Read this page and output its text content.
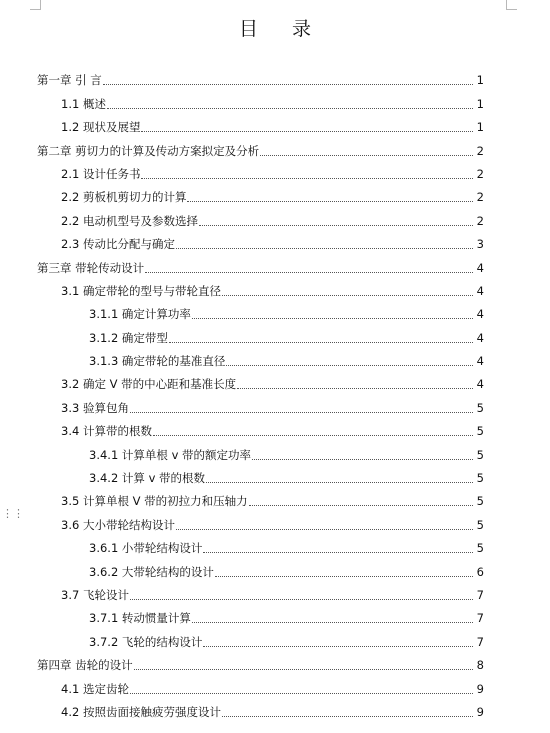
⋮⋮
目 录
第一章 引 言	1
1.1 概述	1
1.2 现状及展望	1
第二章 剪切力的计算及传动方案拟定及分析	2
2.1 设计任务书	2
2.2 剪板机剪切力的计算	2
2.2 电动机型号及参数选择	2
2.3 传动比分配与确定	3
第三章 带轮传动设计	4
3.1 确定带轮的型号与带轮直径	4
3.1.1 确定计算功率	4
3.1.2 确定带型	4
3.1.3 确定带轮的基准直径	4
3.2 确定 V 带的中心距和基准长度	4
3.3 验算包角	5
3.4 计算带的根数	5
3.4.1 计算单根 v 带的额定功率	5
3.4.2 计算 v 带的根数	5
3.5 计算单根 V 带的初拉力和压轴力	5
3.6 大小带轮结构设计	5
3.6.1 小带轮结构设计	5
3.6.2 大带轮结构的设计	6
3.7 飞轮设计	7
3.7.1 转动惯量计算	7
3.7.2 飞轮的结构设计	7
第四章 齿轮的设计	8
4.1 选定齿轮	9
4.2 按照齿面接触疲劳强度设计	9
